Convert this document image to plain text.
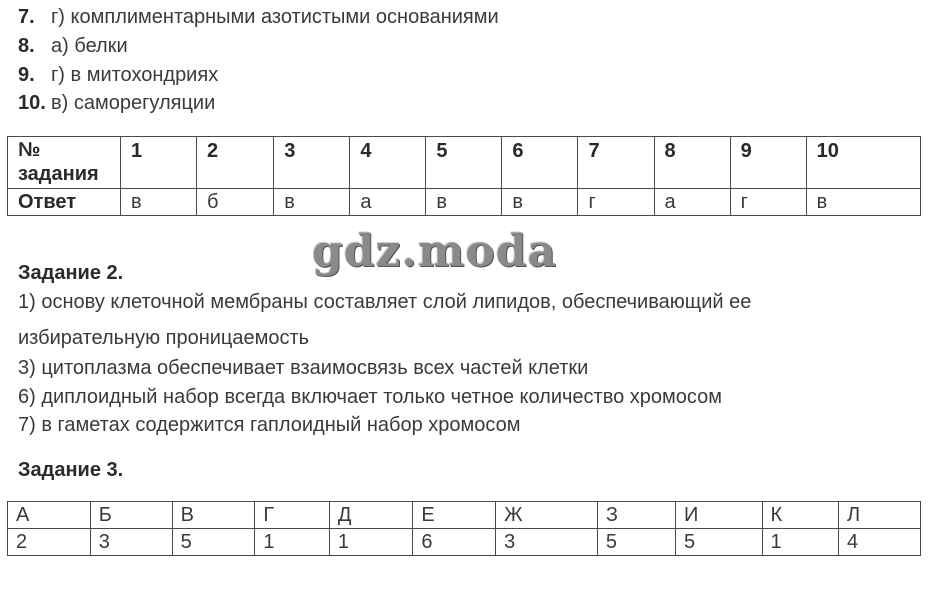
7. г) комплиментарными азотистыми основаниями
8. а) белки
9. г) в митохондриях
10. в) саморегуляции
№
задания	1	2	3	4	5	6	7	8	9	10
Ответ	в	б	в	а	в	в	г	а	г	в
gdz.moda
Задание 2.
1) основу клеточной мембраны составляет слой липидов, обеспечивающий ее
избирательную проницаемость
3) цитоплазма обеспечивает взаимосвязь всех частей клетки
6) диплоидный набор всегда включает только четное количество хромосом
7) в гаметах содержится гаплоидный набор хромосом
Задание 3.
А	Б	В	Г	Д	Е	Ж	З	И	К	Л
2	3	5	1	1	6	3	5	5	1	4
